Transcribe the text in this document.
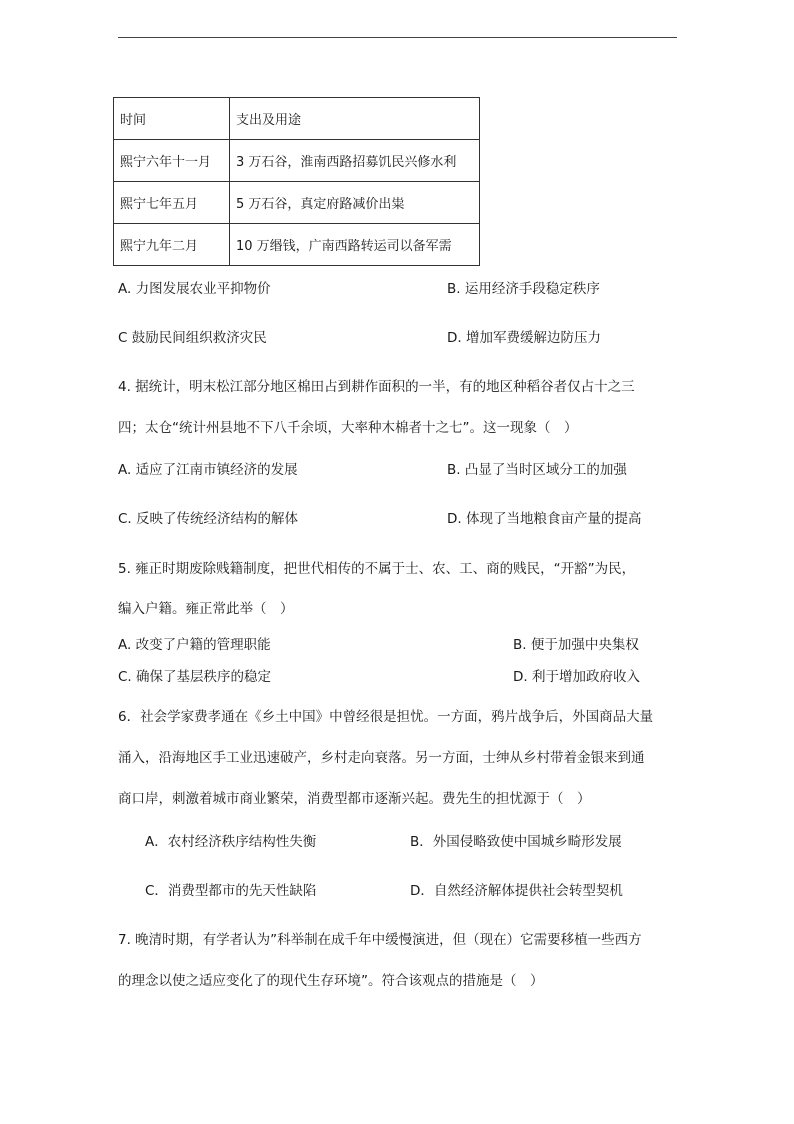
时间	支出及用途
熙宁六年十一月	3 万石谷，淮南西路招募饥民兴修水利
熙宁七年五月	5 万石谷，真定府路减价出粜
熙宁九年二月	10 万缗钱，广南西路转运司以备军需
A. 力图发展农业平抑物价	B. 运用经济手段稳定秩序
C 鼓励民间组织救济灾民	D. 增加军费缓解边防压力
4. 据统计，明末松江部分地区棉田占到耕作面积的一半，有的地区种稻谷者仅占十之三
四；太仓“统计州县地不下八千余顷，大率种木棉者十之七”。这一现象（　）
A. 适应了江南市镇经济的发展	B. 凸显了当时区域分工的加强
C. 反映了传统经济结构的解体	D. 体现了当地粮食亩产量的提高
5. 雍正时期废除贱籍制度，把世代相传的不属于士、农、工、商的贱民，“开豁”为民，
编入户籍。雍正常此举（　）
A. 改变了户籍的管理职能	B. 便于加强中央集权
C. 确保了基层秩序的稳定	D. 利于增加政府收入
6．社会学家费孝通在《乡土中国》中曾经很是担忧。一方面，鸦片战争后，外国商品大量
涌入，沿海地区手工业迅速破产，乡村走向衰落。另一方面，士绅从乡村带着金银来到通
商口岸，刺激着城市商业繁荣，消费型都市逐渐兴起。费先生的担忧源于（　）
A．农村经济秩序结构性失衡	B．外国侵略致使中国城乡畸形发展
C．消费型都市的先天性缺陷	D．自然经济解体提供社会转型契机
7. 晚清时期，有学者认为”科举制在成千年中缓慢演进，但（现在）它需要移植一些西方
的理念以使之适应变化了的现代生存环境”。符合该观点的措施是（　）
